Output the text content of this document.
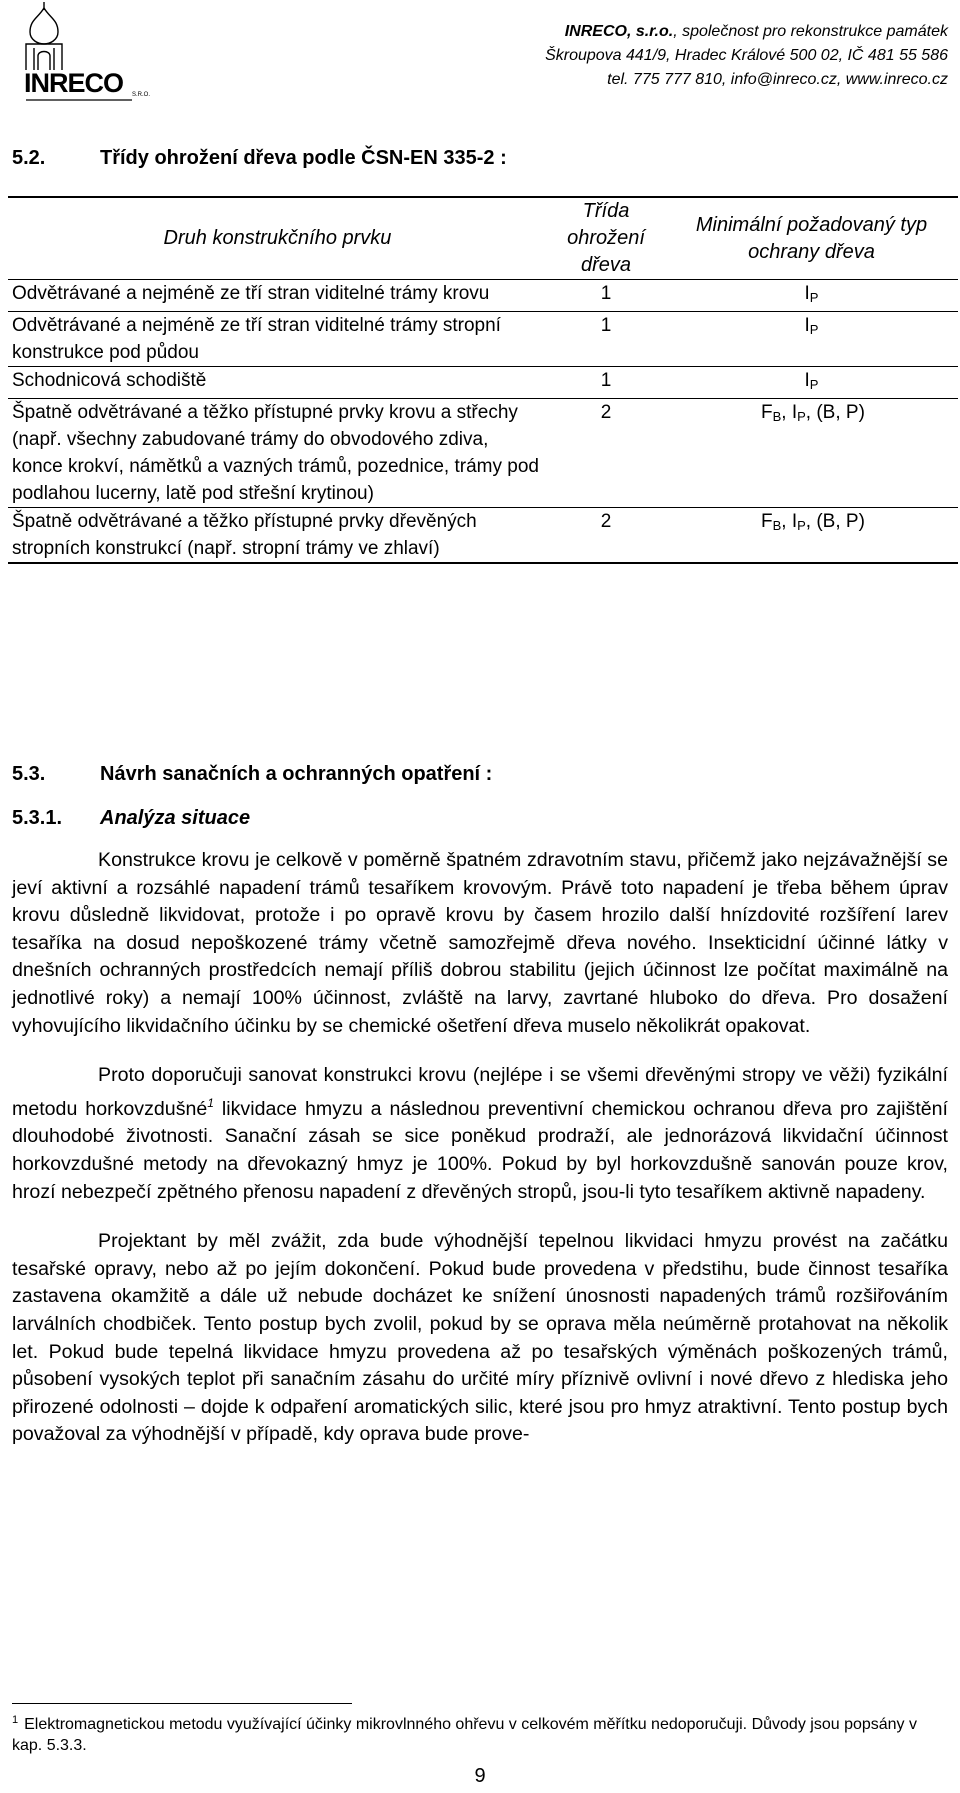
INRECO S.R.O.
INRECO, s.r.o., společnost pro rekonstrukce památek
Škroupova 441/9, Hradec Králové 500 02, IČ 481 55 586
tel. 775 777 810, info@inreco.cz, www.inreco.cz
5.2.	Třídy ohrožení dřeva podle ČSN-EN 335-2 :
Druh konstrukčního prvku	Třída ohrožení dřeva	Minimální požadovaný typ ochrany dřeva
Odvětrávané a nejméně ze tří stran viditelné trámy krovu	1	$I_P$
Odvětrávané a nejméně ze tří stran viditelné trámy stropní konstrukce pod půdou	1	$I_P$
Schodnicová schodiště	1	$I_P$
Špatně odvětrávané a těžko přístupné prvky krovu a střechy (např. všechny zabudované trámy do obvodového zdiva, konce krokví, námětků a vazných trámů, pozednice, trámy pod podlahou lucerny, latě pod střešní krytinou)	2	$F_B$, $I_P$, (B, P)
Špatně odvětrávané a těžko přístupné prvky dřevěných stropních konstrukcí (např. stropní trámy ve zhlaví)	2	$F_B$, $I_P$, (B, P)
5.3.	Návrh sanačních a ochranných opatření :
5.3.1. Analýza situace

Konstrukce krovu je celkově v poměrně špatném zdravotním stavu, přičemž jako nejzávažnější se jeví aktivní a rozsáhlé napadení trámů tesaříkem krovovým. Právě toto napadení je třeba během úprav krovu důsledně likvidovat, protože i po opravě krovu by časem hrozilo další hnízdovité rozšíření larev tesaříka na dosud nepoškozené trámy včetně samozřejmě dřeva nového. Insekticidní účinné látky v dnešních ochranných prostředcích nemají příliš dobrou stabilitu (jejich účinnost lze počítat maximálně na jednotlivé roky) a nemají 100% účinnost, zvláště na larvy, zavrtané hluboko do dřeva. Pro dosažení vyhovujícího likvidačního účinku by se chemické ošetření dřeva muselo několikrát opakovat.

Proto doporučuji sanovat konstrukci krovu (nejlépe i se všemi dřevěnými stropy ve věži) fyzikální metodu horkovzdušné$^1$ likvidace hmyzu a následnou preventivní chemickou ochranou dřeva pro zajištění dlouhodobé životnosti. Sanační zásah se sice poněkud prodraží, ale jednorázová likvidační účinnost horkovzdušné metody na dřevokazný hmyz je 100%. Pokud by byl horkovzdušně sanován pouze krov, hrozí nebezpečí zpětného přenosu napadení z dřevěných stropů, jsou-li tyto tesaříkem aktivně napadeny.

Projektant by měl zvážit, zda bude výhodnější tepelnou likvidaci hmyzu provést na začátku tesařské opravy, nebo až po jejím dokončení. Pokud bude provedena v předstihu, bude činnost tesaříka zastavena okamžitě a dále už nebude docházet ke snížení únosnosti napadených trámů rozšiřováním larválních chodbiček. Tento postup bych zvolil, pokud by se oprava měla neúměrně protahovat na několik let. Pokud bude tepelná likvidace hmyzu provedena až po tesařských výměnách poškozených trámů, působení vysokých teplot při sanačním zásahu do určité míry příznivě ovlivní i nové dřevo z hlediska jeho přirozené odolnosti – dojde k odpaření aromatických silic, které jsou pro hmyz atraktivní. Tento postup bych považoval za výhodnější v případě, kdy oprava bude prove-

$^1$ Elektromagnetickou metodu využívající účinky mikrovlnného ohřevu v celkovém měřítku nedoporučuji. Důvody jsou popsány v kap. 5.3.3.
9
